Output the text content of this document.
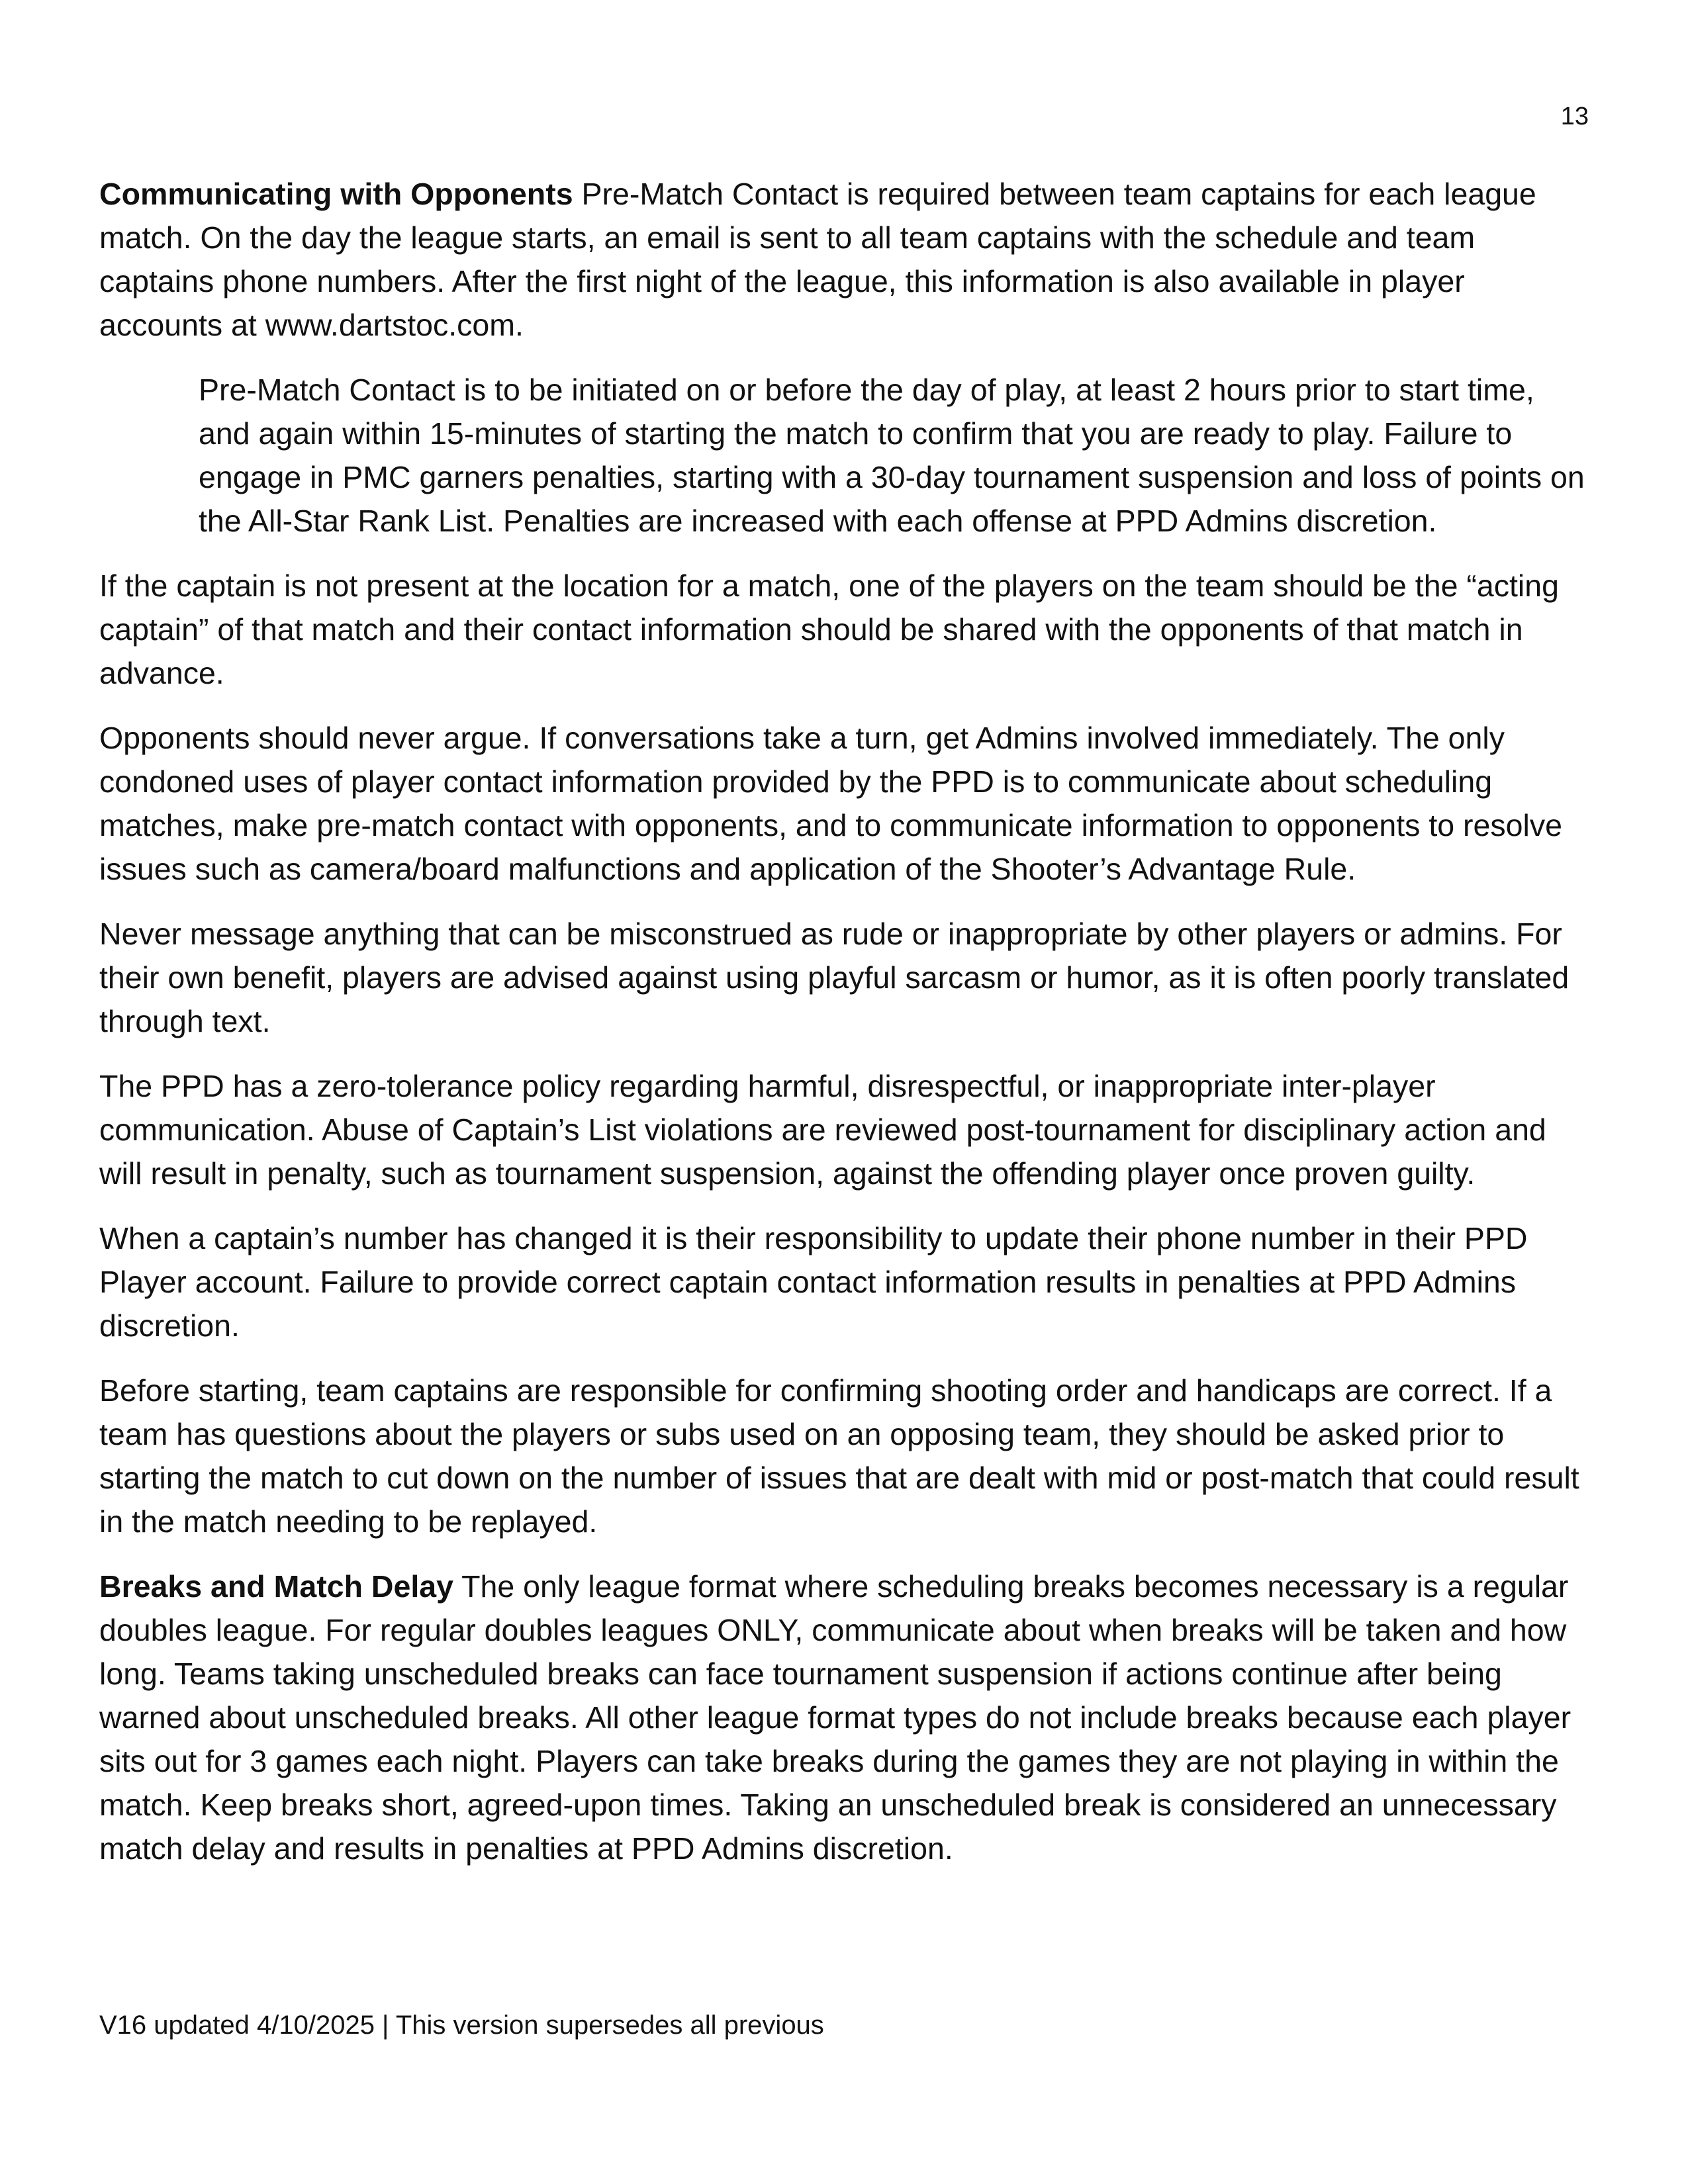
13

Communicating with Opponents Pre-Match Contact is required between team captains for each league match. On the day the league starts, an email is sent to all team captains with the schedule and team captains phone numbers. After the first night of the league, this information is also available in player accounts at www.dartstoc.com.

Pre-Match Contact is to be initiated on or before the day of play, at least 2 hours prior to start time, and again within 15-minutes of starting the match to confirm that you are ready to play. Failure to engage in PMC garners penalties, starting with a 30-day tournament suspension and loss of points on the All-Star Rank List. Penalties are increased with each offense at PPD Admins discretion.

If the captain is not present at the location for a match, one of the players on the team should be the “acting captain” of that match and their contact information should be shared with the opponents of that match in advance.

Opponents should never argue. If conversations take a turn, get Admins involved immediately. The only condoned uses of player contact information provided by the PPD is to communicate about scheduling matches, make pre-match contact with opponents, and to communicate information to opponents to resolve issues such as camera/board malfunctions and application of the Shooter’s Advantage Rule.

Never message anything that can be misconstrued as rude or inappropriate by other players or admins. For their own benefit, players are advised against using playful sarcasm or humor, as it is often poorly translated through text.

The PPD has a zero-tolerance policy regarding harmful, disrespectful, or inappropriate inter-player communication. Abuse of Captain’s List violations are reviewed post-tournament for disciplinary action and will result in penalty, such as tournament suspension, against the offending player once proven guilty.

When a captain’s number has changed it is their responsibility to update their phone number in their PPD Player account. Failure to provide correct captain contact information results in penalties at PPD Admins discretion.

Before starting, team captains are responsible for confirming shooting order and handicaps are correct. If a team has questions about the players or subs used on an opposing team, they should be asked prior to starting the match to cut down on the number of issues that are dealt with mid or post-match that could result in the match needing to be replayed.

Breaks and Match Delay The only league format where scheduling breaks becomes necessary is a regular doubles league. For regular doubles leagues ONLY, communicate about when breaks will be taken and how long. Teams taking unscheduled breaks can face tournament suspension if actions continue after being warned about unscheduled breaks. All other league format types do not include breaks because each player sits out for 3 games each night. Players can take breaks during the games they are not playing in within the match. Keep breaks short, agreed-upon times. Taking an unscheduled break is considered an unnecessary match delay and results in penalties at PPD Admins discretion.

V16 updated 4/10/2025 | This version supersedes all previous
